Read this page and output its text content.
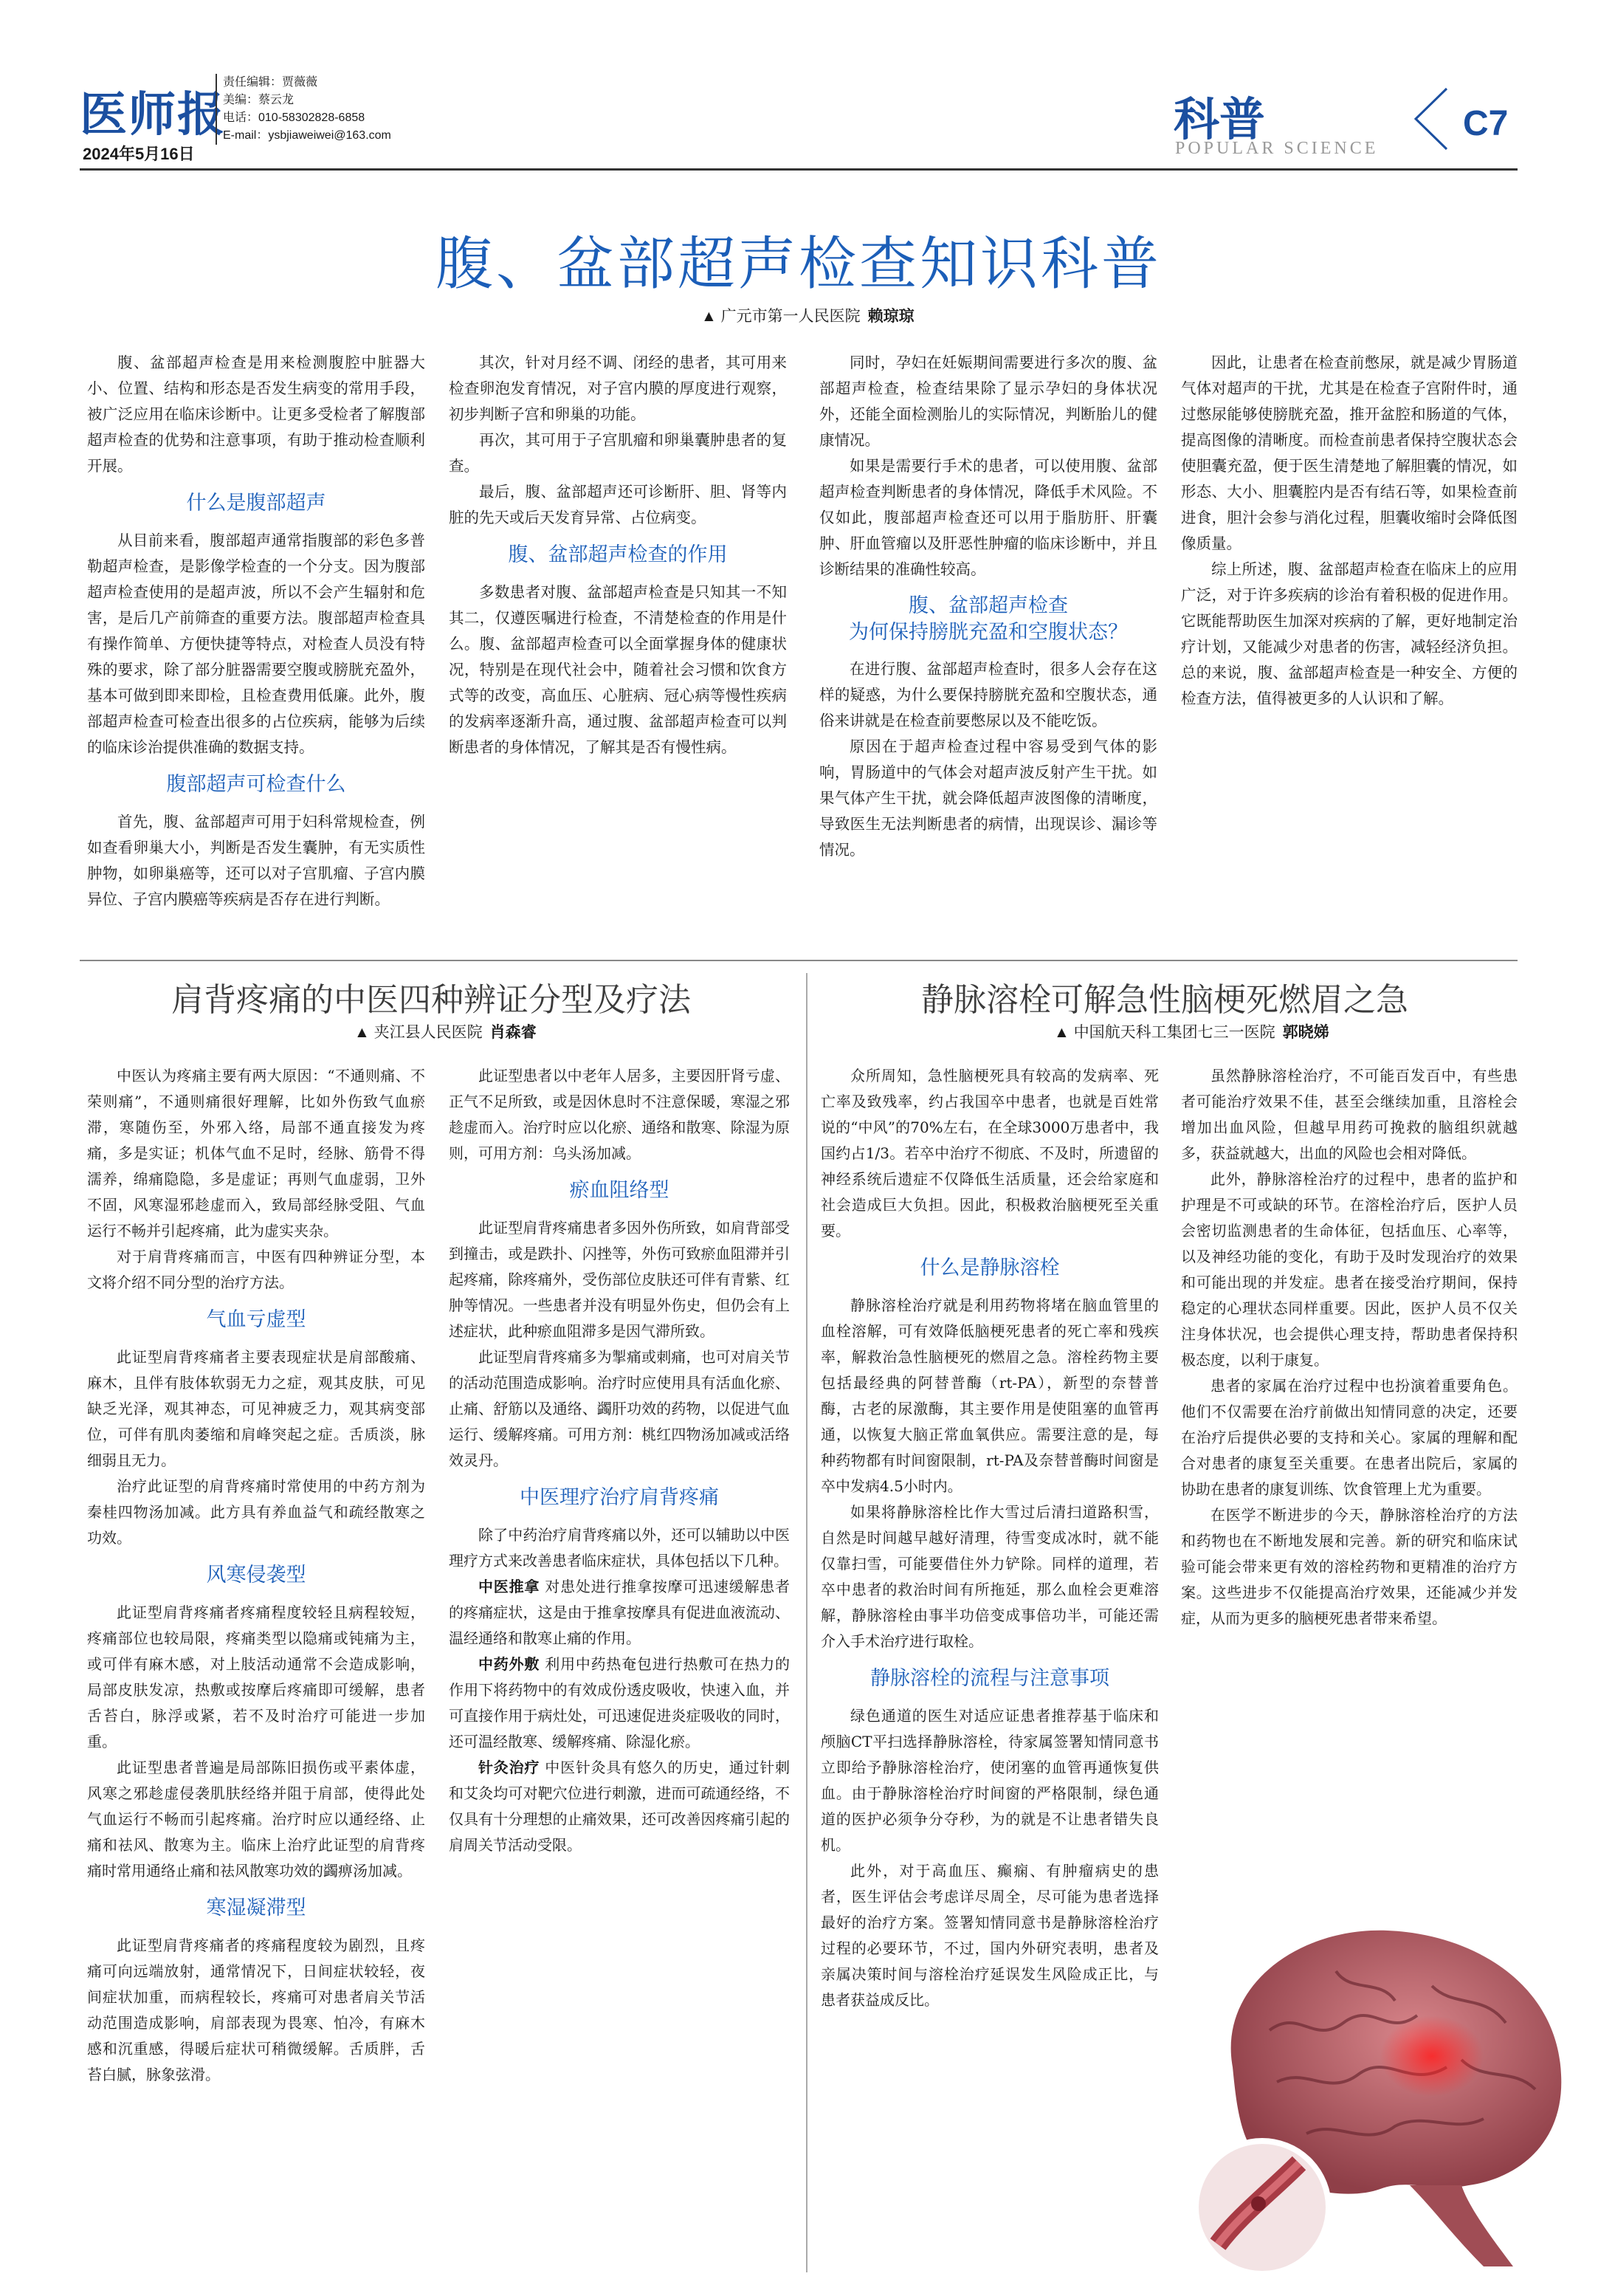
医师报
2024年5月16日
责任编辑：贾薇薇
美编：蔡云龙
电话：010-58302828-6858
E-mail：ysbjiaweiwei@163.com	科普
POPULAR SCIENCE
C7
腹、盆部超声检查知识科普
▲ 广元市第一人民医院 赖琼琼

腹、盆部超声检查是用来检测腹腔中脏器大小、位置、结构和形态是否发生病变的常用手段，被广泛应用在临床诊断中。让更多受检者了解腹部超声检查的优势和注意事项，有助于推动检查顺利开展。

什么是腹部超声

从目前来看，腹部超声通常指腹部的彩色多普勒超声检查，是影像学检查的一个分支。因为腹部超声检查使用的是超声波，所以不会产生辐射和危害，是后几产前筛查的重要方法。腹部超声检查具有操作简单、方便快捷等特点，对检查人员没有特殊的要求，除了部分脏器需要空腹或膀胱充盈外，基本可做到即来即检，且检查费用低廉。此外，腹部超声检查可检查出很多的占位疾病，能够为后续的临床诊治提供准确的数据支持。

腹部超声可检查什么

首先，腹、盆部超声可用于妇科常规检查，例如查看卵巢大小，判断是否发生囊肿，有无实质性肿物，如卵巢癌等，还可以对子宫肌瘤、子宫内膜异位、子宫内膜癌等疾病是否存在进行判断。

其次，针对月经不调、闭经的患者，其可用来检查卵泡发育情况，对子宫内膜的厚度进行观察，初步判断子宫和卵巢的功能。

再次，其可用于子宫肌瘤和卵巢囊肿患者的复查。

最后，腹、盆部超声还可诊断肝、胆、肾等内脏的先天或后天发育异常、占位病变。

腹、盆部超声检查的作用

多数患者对腹、盆部超声检查是只知其一不知其二，仅遵医嘱进行检查，不清楚检查的作用是什么。腹、盆部超声检查可以全面掌握身体的健康状况，特别是在现代社会中，随着社会习惯和饮食方式等的改变，高血压、心脏病、冠心病等慢性疾病的发病率逐渐升高，通过腹、盆部超声检查可以判断患者的身体情况，了解其是否有慢性病。

同时，孕妇在妊娠期间需要进行多次的腹、盆部超声检查，检查结果除了显示孕妇的身体状况外，还能全面检测胎儿的实际情况，判断胎儿的健康情况。

如果是需要行手术的患者，可以使用腹、盆部超声检查判断患者的身体情况，降低手术风险。不仅如此，腹部超声检查还可以用于脂肪肝、肝囊肿、肝血管瘤以及肝恶性肿瘤的临床诊断中，并且诊断结果的准确性较高。

腹、盆部超声检查
为何保持膀胱充盈和空腹状态？

在进行腹、盆部超声检查时，很多人会存在这样的疑惑，为什么要保持膀胱充盈和空腹状态，通俗来讲就是在检查前要憋尿以及不能吃饭。

原因在于超声检查过程中容易受到气体的影响，胃肠道中的气体会对超声波反射产生干扰。如果气体产生干扰，就会降低超声波图像的清晰度，导致医生无法判断患者的病情，出现误诊、漏诊等情况。

因此，让患者在检查前憋尿，就是减少胃肠道气体对超声的干扰，尤其是在检查子宫附件时，通过憋尿能够使膀胱充盈，推开盆腔和肠道的气体，提高图像的清晰度。而检查前患者保持空腹状态会使胆囊充盈，便于医生清楚地了解胆囊的情况，如形态、大小、胆囊腔内是否有结石等，如果检查前进食，胆汁会参与消化过程，胆囊收缩时会降低图像质量。

综上所述，腹、盆部超声检查在临床上的应用广泛，对于许多疾病的诊治有着积极的促进作用。它既能帮助医生加深对疾病的了解，更好地制定治疗计划，又能减少对患者的伤害，减轻经济负担。总的来说，腹、盆部超声检查是一种安全、方便的检查方法，值得被更多的人认识和了解。

肩背疼痛的中医四种辨证分型及疗法
▲ 夹江县人民医院 肖森睿

中医认为疼痛主要有两大原因：“不通则痛、不荣则痛”，不通则痛很好理解，比如外伤致气血瘀滞，寒随伤至，外邪入络，局部不通直接发为疼痛，多是实证；机体气血不足时，经脉、筋骨不得濡养，绵痛隐隐，多是虚证；再则气血虚弱，卫外不固，风寒湿邪趁虚而入，致局部经脉受阻、气血运行不畅并引起疼痛，此为虚实夹杂。

对于肩背疼痛而言，中医有四种辨证分型，本文将介绍不同分型的治疗方法。

气血亏虚型

此证型肩背疼痛者主要表现症状是肩部酸痛、麻木，且伴有肢体软弱无力之症，观其皮肤，可见缺乏光泽，观其神态，可见神疲乏力，观其病变部位，可伴有肌肉萎缩和肩峰突起之症。舌质淡，脉细弱且无力。

治疗此证型的肩背疼痛时常使用的中药方剂为秦桂四物汤加减。此方具有养血益气和疏经散寒之功效。

风寒侵袭型

此证型肩背疼痛者疼痛程度较轻且病程较短，疼痛部位也较局限，疼痛类型以隐痛或钝痛为主，或可伴有麻木感，对上肢活动通常不会造成影响，局部皮肤发凉，热敷或按摩后疼痛即可缓解，患者舌苔白，脉浮或紧，若不及时治疗可能进一步加重。

此证型患者普遍是局部陈旧损伤或平素体虚，风寒之邪趁虚侵袭肌肤经络并阻于肩部，使得此处气血运行不畅而引起疼痛。治疗时应以通经络、止痛和祛风、散寒为主。临床上治疗此证型的肩背疼痛时常用通络止痛和祛风散寒功效的蠲痹汤加减。

寒湿凝滞型

此证型肩背疼痛者的疼痛程度较为剧烈，且疼痛可向远端放射，通常情况下，日间症状较轻，夜间症状加重，而病程较长，疼痛可对患者肩关节活动范围造成影响，肩部表现为畏寒、怕冷，有麻木感和沉重感，得暖后症状可稍微缓解。舌质胖，舌苔白腻，脉象弦滑。

此证型患者以中老年人居多，主要因肝肾亏虚、正气不足所致，或是因休息时不注意保暖，寒湿之邪趁虚而入。治疗时应以化瘀、通络和散寒、除湿为原则，可用方剂：乌头汤加减。

瘀血阻络型

此证型肩背疼痛患者多因外伤所致，如肩背部受到撞击，或是跌扑、闪挫等，外伤可致瘀血阻滞并引起疼痛，除疼痛外，受伤部位皮肤还可伴有青紫、红肿等情况。一些患者并没有明显外伤史，但仍会有上述症状，此种瘀血阻滞多是因气滞所致。

此证型肩背疼痛多为掣痛或刺痛，也可对肩关节的活动范围造成影响。治疗时应使用具有活血化瘀、止痛、舒筋以及通络、蠲肝功效的药物，以促进气血运行、缓解疼痛。可用方剂：桃红四物汤加减或活络效灵丹。

中医理疗治疗肩背疼痛

除了中药治疗肩背疼痛以外，还可以辅助以中医理疗方式来改善患者临床症状，具体包括以下几种。

中医推拿 对患处进行推拿按摩可迅速缓解患者的疼痛症状，这是由于推拿按摩具有促进血液流动、温经通络和散寒止痛的作用。

中药外敷 利用中药热奄包进行热敷可在热力的作用下将药物中的有效成份透皮吸收，快速入血，并可直接作用于病灶处，可迅速促进炎症吸收的同时，还可温经散寒、缓解疼痛、除湿化瘀。

针灸治疗 中医针灸具有悠久的历史，通过针刺和艾灸均可对靶穴位进行刺激，进而可疏通经络，不仅具有十分理想的止痛效果，还可改善因疼痛引起的肩周关节活动受限。

静脉溶栓可解急性脑梗死燃眉之急
▲ 中国航天科工集团七三一医院 郭晓娣

众所周知，急性脑梗死具有较高的发病率、死亡率及致残率，约占我国卒中患者，也就是百姓常说的“中风”的70%左右，在全球3000万患者中，我国约占1/3。若卒中治疗不彻底、不及时，所遗留的神经系统后遗症不仅降低生活质量，还会给家庭和社会造成巨大负担。因此，积极救治脑梗死至关重要。

什么是静脉溶栓

静脉溶栓治疗就是利用药物将堵在脑血管里的血栓溶解，可有效降低脑梗死患者的死亡率和残疾率，解救治急性脑梗死的燃眉之急。溶栓药物主要包括最经典的阿替普酶（rt-PA），新型的奈替普酶，古老的尿激酶，其主要作用是使阻塞的血管再通，以恢复大脑正常血氧供应。需要注意的是，每种药物都有时间窗限制，rt-PA及奈替普酶时间窗是卒中发病4.5小时内。

如果将静脉溶栓比作大雪过后清扫道路积雪，自然是时间越早越好清理，待雪变成冰时，就不能仅靠扫雪，可能要借住外力铲除。同样的道理，若卒中患者的救治时间有所拖延，那么血栓会更难溶解，静脉溶栓由事半功倍变成事倍功半，可能还需介入手术治疗进行取栓。

静脉溶栓的流程与注意事项

绿色通道的医生对适应证患者推荐基于临床和颅脑CT平扫选择静脉溶栓，待家属签署知情同意书立即给予静脉溶栓治疗，使闭塞的血管再通恢复供血。由于静脉溶栓治疗时间窗的严格限制，绿色通道的医护必须争分夺秒，为的就是不让患者错失良机。

此外，对于高血压、癫痫、有肿瘤病史的患者，医生评估会考虑详尽周全，尽可能为患者选择最好的治疗方案。签署知情同意书是静脉溶栓治疗过程的必要环节，不过，国内外研究表明，患者及亲属决策时间与溶栓治疗延误发生风险成正比，与患者获益成反比。

虽然静脉溶栓治疗，不可能百发百中，有些患者可能治疗效果不佳，甚至会继续加重，且溶栓会增加出血风险，但越早用药可挽救的脑组织就越多，获益就越大，出血的风险也会相对降低。

此外，静脉溶栓治疗的过程中，患者的监护和护理是不可或缺的环节。在溶栓治疗后，医护人员会密切监测患者的生命体征，包括血压、心率等，以及神经功能的变化，有助于及时发现治疗的效果和可能出现的并发症。患者在接受治疗期间，保持稳定的心理状态同样重要。因此，医护人员不仅关注身体状况，也会提供心理支持，帮助患者保持积极态度，以利于康复。

患者的家属在治疗过程中也扮演着重要角色。他们不仅需要在治疗前做出知情同意的决定，还要在治疗后提供必要的支持和关心。家属的理解和配合对患者的康复至关重要。在患者出院后，家属的协助在患者的康复训练、饮食管理上尤为重要。

在医学不断进步的今天，静脉溶栓治疗的方法和药物也在不断地发展和完善。新的研究和临床试验可能会带来更有效的溶栓药物和更精准的治疗方案。这些进步不仅能提高治疗效果，还能减少并发症，从而为更多的脑梗死患者带来希望。
